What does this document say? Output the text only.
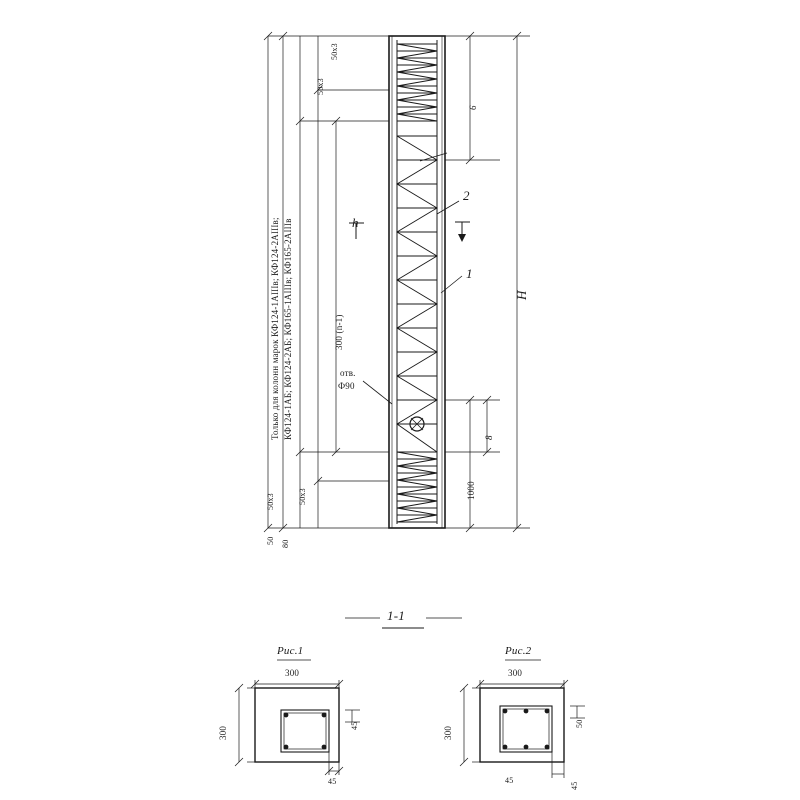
Только для колонн марок КФ124-1АIIIв; КФ124-2АIIIв; КФ124-1АБ; КФ124-2АБ; КФ165-1АIIIв; КФ165-2АIIIв
50 80
50х3	50х3
50х3
50х3
300 (n-1)
отв.
Ф90
1
2
h
6
8
1000
H
1-1
Рис.1	Рис.2
300
300
45
45
300
300
50
45
45
